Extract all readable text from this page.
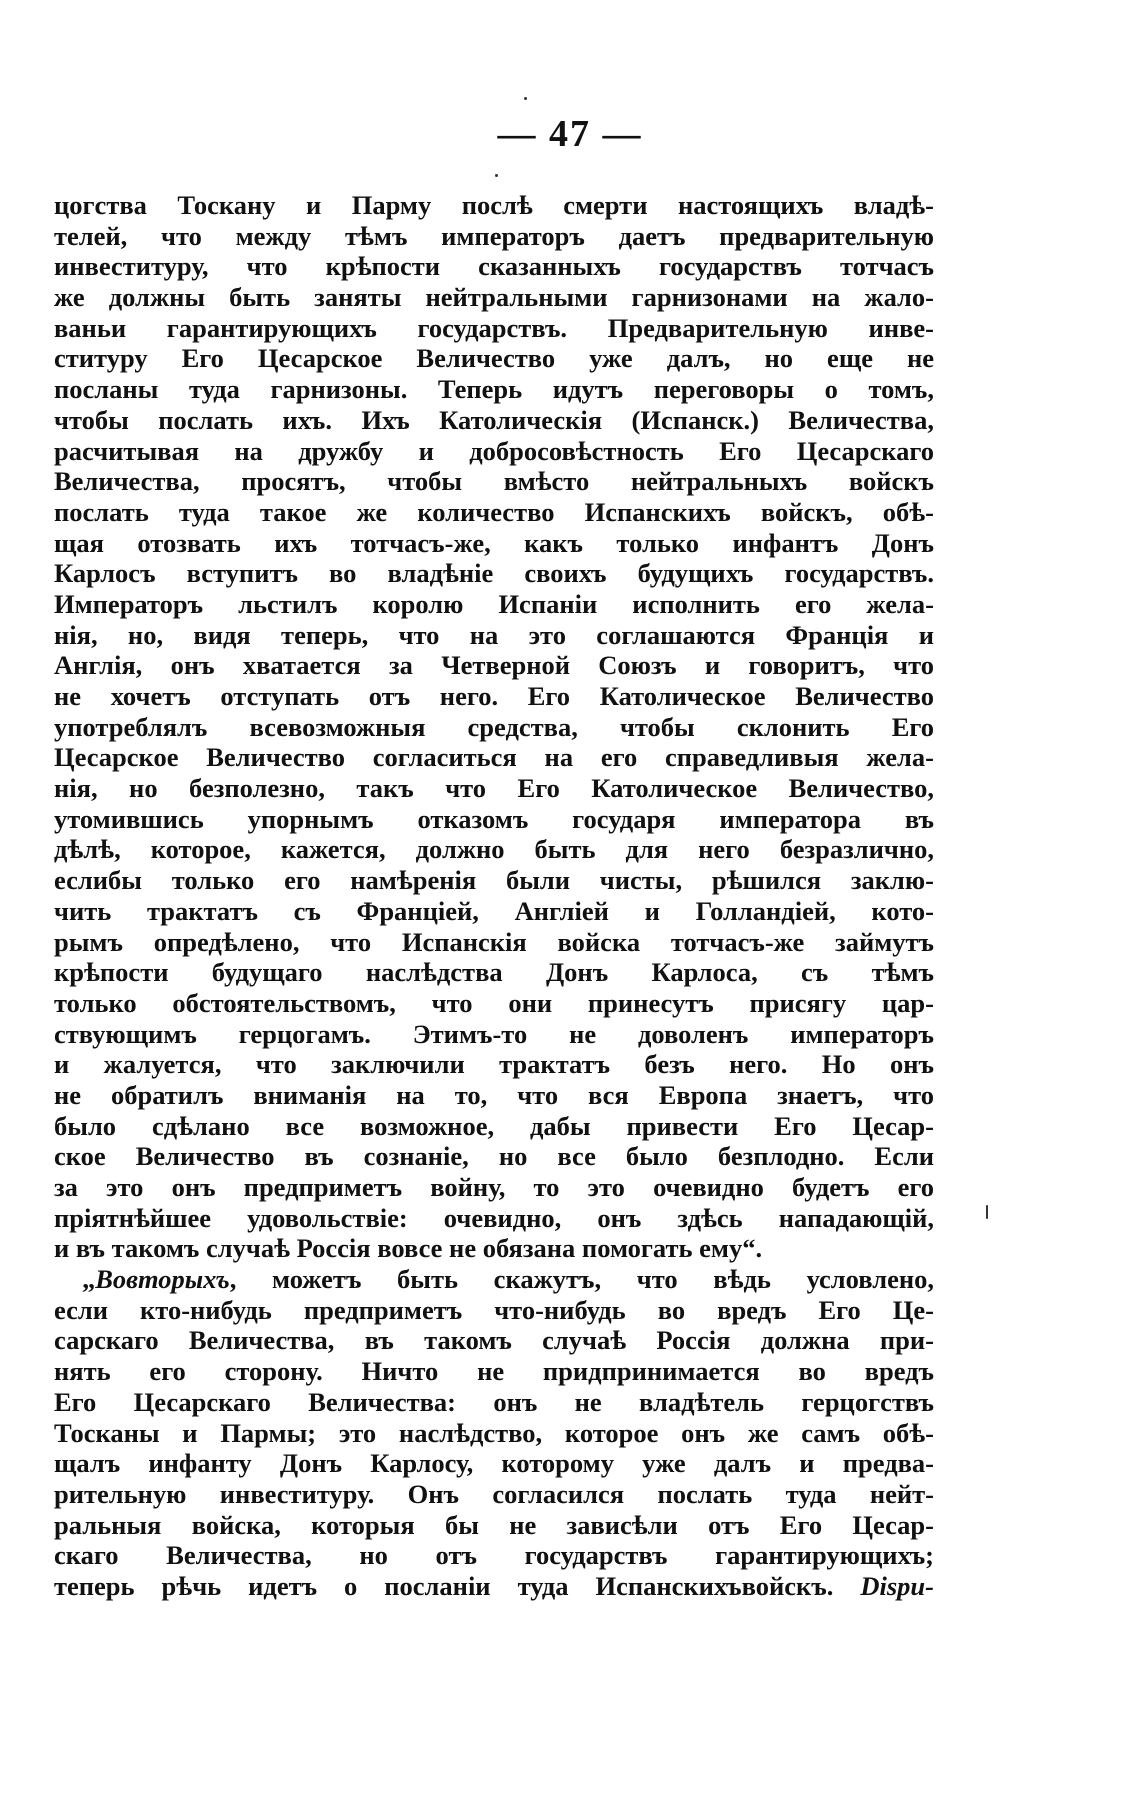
— 47 —
цогства Тоскану и Парму послѣ смерти настоящихъ владѣ-
телей, что между тѣмъ императоръ даетъ предварительную
инвеституру, что крѣпости сказанныхъ государствъ тотчасъ
же должны быть заняты нейтральными гарнизонами на жало-
ваньи гарантирующихъ государствъ. Предварительную инве-
ституру Его Цесарское Величество уже далъ, но еще не
посланы туда гарнизоны. Теперь идутъ переговоры о томъ,
чтобы послать ихъ. Ихъ Католическія (Испанск.) Величества,
расчитывая на дружбу и добросовѣстность Его Цесарскаго
Величества, просятъ, чтобы вмѣсто нейтральныхъ войскъ
послать туда такое же количество Испанскихъ войскъ, обѣ-
щая отозвать ихъ тотчасъ-же, какъ только инфантъ Донъ
Карлосъ вступитъ во владѣніе своихъ будущихъ государствъ.
Императоръ льстилъ королю Испаніи исполнить его жела-
нія, но, видя теперь, что на это соглашаются Франція и
Англія, онъ хватается за Четверной Союзъ и говоритъ, что
не хочетъ отступать отъ него. Его Католическое Величество
употреблялъ всевозможныя средства, чтобы склонить Его
Цесарское Величество согласиться на его справедливыя жела-
нія, но безполезно, такъ что Его Католическое Величество,
утомившись упорнымъ отказомъ государя императора въ
дѣлѣ, которое, кажется, должно быть для него безразлично,
еслибы только его намѣренія были чисты, рѣшился заклю-
чить трактатъ съ Франціей, Англіей и Голландіей, кото-
рымъ опредѣлено, что Испанскія войска тотчасъ-же займутъ
крѣпости будущаго наслѣдства Донъ Карлоса, съ тѣмъ
только обстоятельствомъ, что они принесутъ присягу цар-
ствующимъ герцогамъ. Этимъ-то не доволенъ императоръ
и жалуется, что заключили трактатъ безъ него. Но онъ
не обратилъ вниманія на то, что вся Европа знаетъ, что
было сдѣлано все возможное, дабы привести Его Цесар-
ское Величество въ сознаніе, но все было безплодно. Если
за это онъ предприметъ войну, то это очевидно будетъ его
пріятнѣйшее удовольствіе: очевидно, онъ здѣсь нападающій,
и въ такомъ случаѣ Россія вовсе не обязана помогать ему“.
„Вовторыхъ, можетъ быть скажутъ, что вѣдь условлено,
если кто-нибудь предприметъ что-нибудь во вредъ Его Це-
сарскаго Величества, въ такомъ случаѣ Россія должна при-
нять его сторону. Ничто не придпринимается во вредъ
Его Цесарскаго Величества: онъ не владѣтель герцогствъ
Тосканы и Пармы; это наслѣдство, которое онъ же самъ обѣ-
щалъ инфанту Донъ Карлосу, которому уже далъ и предва-
рительную инвеституру. Онъ согласился послать туда нейт-
ральныя войска, которыя бы не зависѣли отъ Его Цесар-
скаго Величества, но отъ государствъ гарантирующихъ;
теперь рѣчь идетъ о посланіи туда Испанскихъвойскъ. Dispu-
